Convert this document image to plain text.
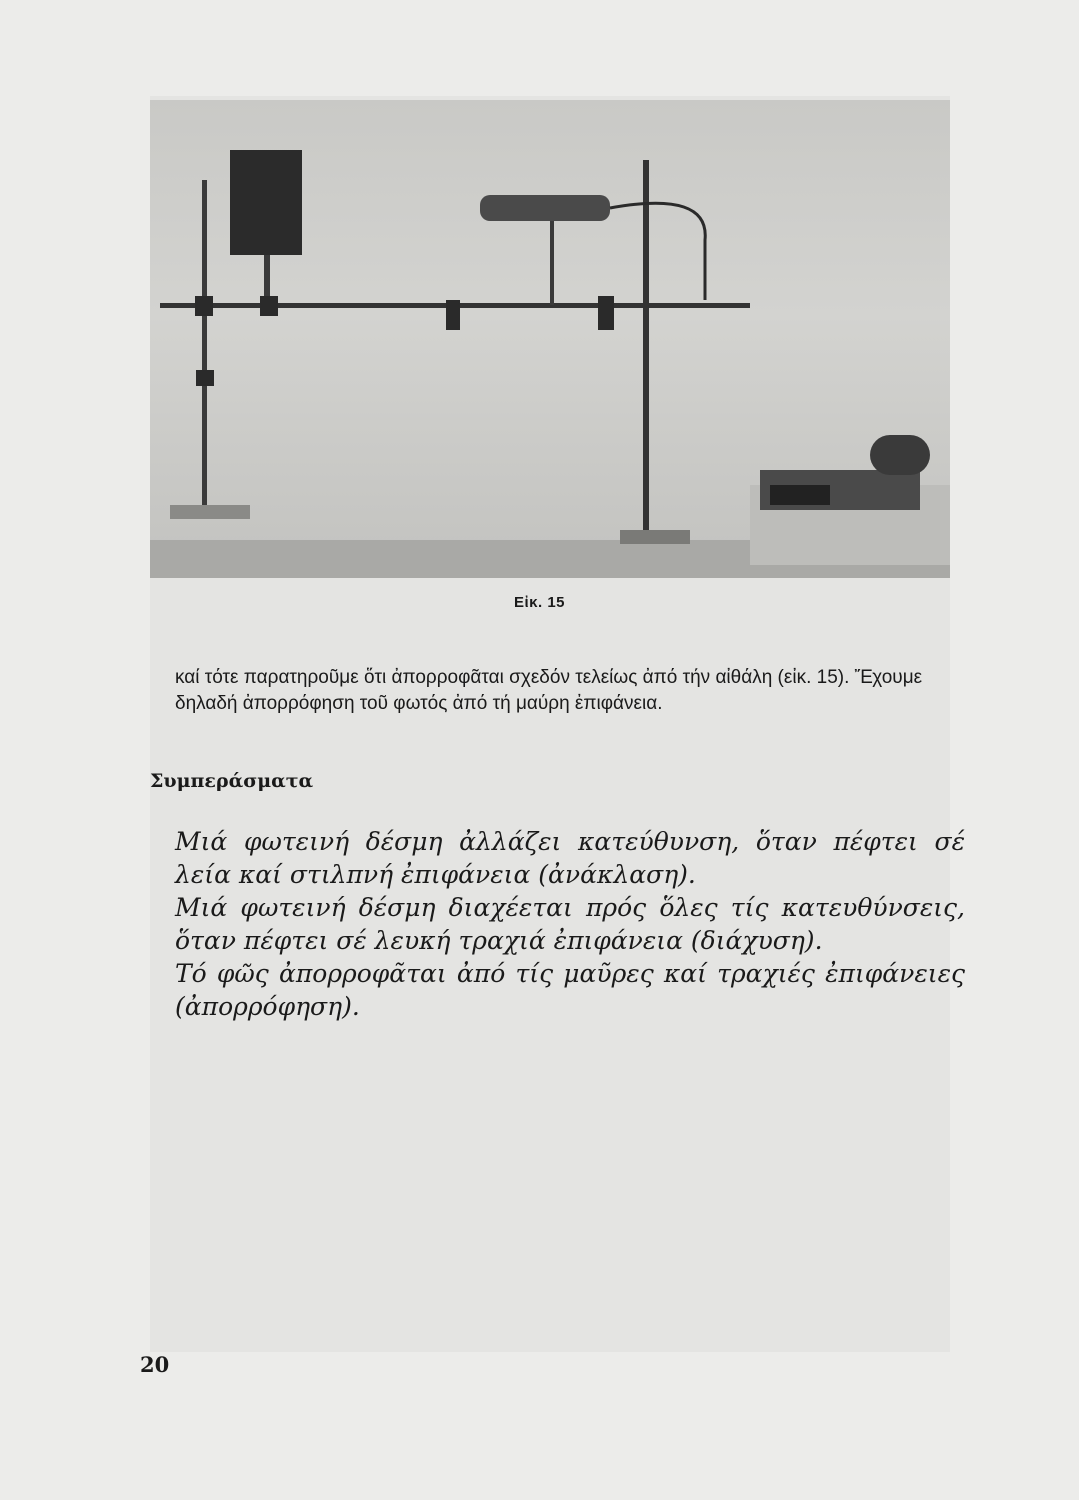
Εἰκ. 15
καί τότε παρατηροῦμε ὅτι ἀπορροφᾶται σχεδόν τελείως ἀπό τήν αἰθάλη (εἰκ. 15). Ἔχουμε δηλαδή ἀπορρόφηση τοῦ φωτός ἀπό τή μαύρη ἐπιφάνεια.
Συμπεράσματα

Μιά φωτεινή δέσμη ἀλλάζει κατεύθυνση, ὅταν πέφτει σέ λεία καί στιλπνή ἐπιφάνεια (ἀνάκλαση).

Μιά φωτεινή δέσμη διαχέεται πρός ὅλες τίς κατευθύνσεις, ὅταν πέφτει σέ λευκή τραχιά ἐπιφάνεια (διάχυση).

Τό φῶς ἀπορροφᾶται ἀπό τίς μαῦρες καί τραχιές ἐπιφάνειες (ἀπορρόφηση).

20
